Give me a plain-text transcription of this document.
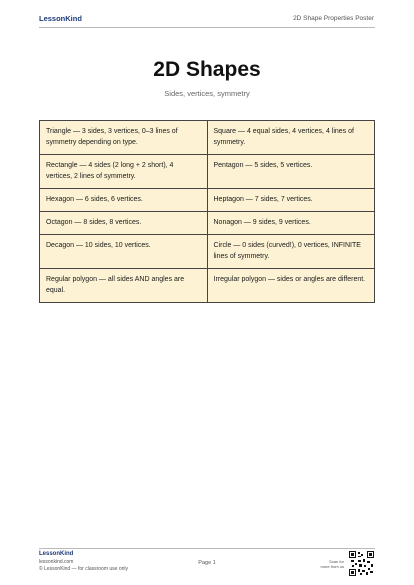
LessonKind	2D Shape Properties Poster
2D Shapes
Sides, vertices, symmetry
Triangle — 3 sides, 3 vertices, 0–3 lines of symmetry depending on type.	Square — 4 equal sides, 4 vertices, 4 lines of symmetry.
Rectangle — 4 sides (2 long + 2 short), 4 vertices, 2 lines of symmetry.	Pentagon — 5 sides, 5 vertices.
Hexagon — 6 sides, 6 vertices.	Heptagon — 7 sides, 7 vertices.
Octagon — 8 sides, 8 vertices.	Nonagon — 9 sides, 9 vertices.
Decagon — 10 sides, 10 vertices.	Circle — 0 sides (curved!), 0 vertices, INFINITE lines of symmetry.
Regular polygon — all sides AND angles are equal.	Irregular polygon — sides or angles are different.
LessonKind
lessonkind.com
© LessonKind — for classroom use only
Page 1	Scan for
more from us
